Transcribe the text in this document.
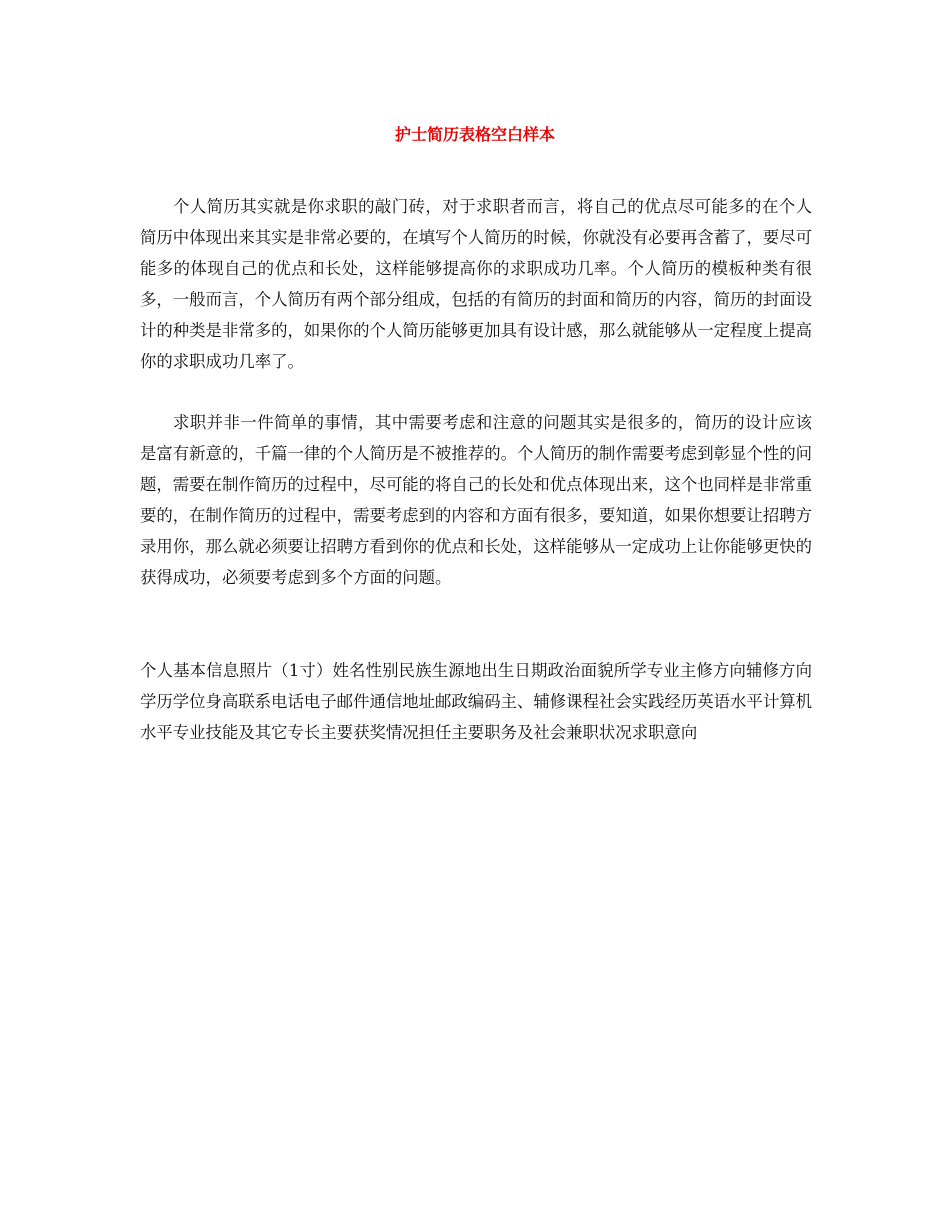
护士简历表格空白样本

个人简历其实就是你求职的敲门砖，对于求职者而言，将自己的优点尽可能多的在个人简历中体现出来其实是非常必要的，在填写个人简历的时候，你就没有必要再含蓄了，要尽可能多的体现自己的优点和长处，这样能够提高你的求职成功几率。个人简历的模板种类有很多，一般而言，个人简历有两个部分组成，包括的有简历的封面和简历的内容，简历的封面设计的种类是非常多的，如果你的个人简历能够更加具有设计感，那么就能够从一定程度上提高你的求职成功几率了。

求职并非一件简单的事情，其中需要考虑和注意的问题其实是很多的，简历的设计应该是富有新意的，千篇一律的个人简历是不被推荐的。个人简历的制作需要考虑到彰显个性的问题，需要在制作简历的过程中，尽可能的将自己的长处和优点体现出来，这个也同样是非常重要的，在制作简历的过程中，需要考虑到的内容和方面有很多，要知道，如果你想要让招聘方录用你，那么就必须要让招聘方看到你的优点和长处，这样能够从一定成功上让你能够更快的获得成功，必须要考虑到多个方面的问题。

个人基本信息照片（1寸）姓名性别民族生源地出生日期政治面貌所学专业主修方向辅修方向学历学位身高联系电话电子邮件通信地址邮政编码主、辅修课程社会实践经历英语水平计算机水平专业技能及其它专长主要获奖情况担任主要职务及社会兼职状况求职意向
